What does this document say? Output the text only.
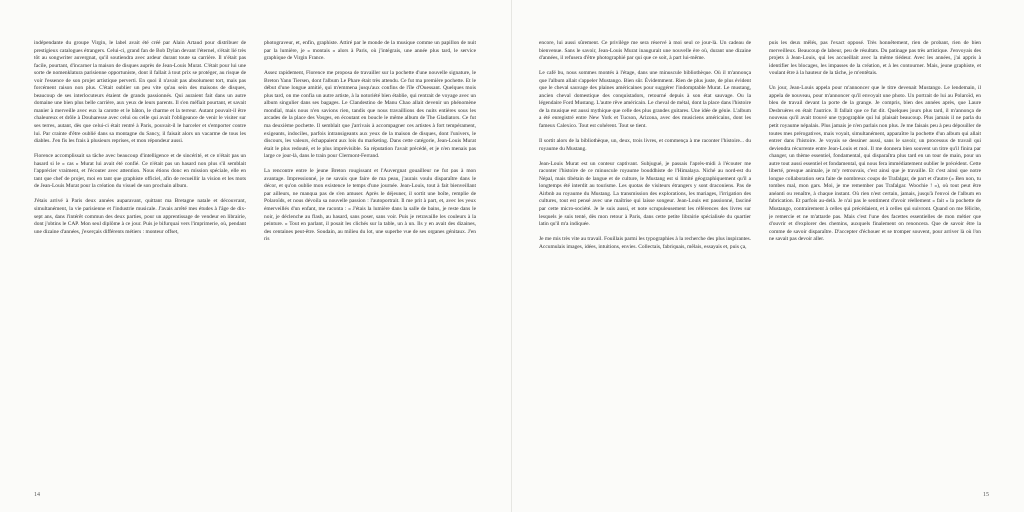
indépendante du groupe Virgin, le label avait été créé par Alain Artaud pour distribuer de prestigieux catalogues étrangers. Celui-ci, grand fan de Bob Dylan devant l'éternel, s'était lié très tôt au songwriter auvergnat, qu'il soutiendra avec ardeur durant toute sa carrière. Il n'était pas facile, pourtant, d'incarner la maison de disques auprès de Jean-Louis Murat. C'était pour lui une sorte de nomenklatura parisienne opportuniste, dont il fallait à tout prix se protéger, au risque de voir l'essence de son projet artistique perverti. En quoi il n'avait pas absolument tort, mais pas forcément raison non plus. C'était oublier un peu vite qu'au sein des maisons de disques, beaucoup de ses interlocuteurs étaient de grands passionnés. Qui auraient fait dans un autre domaine une bien plus belle carrière, aux yeux de leurs parents. Il s'en méfiait pourtant, et savait manier à merveille avec eux la carotte et le bâton, le charme et la terreur. Autant pouvait-il être chaleureux et drôle à Douharesse avec celui ou celle qui avait l'obligeance de venir le visiter sur ses terres, autant, dès que celui-ci était rentré à Paris, pouvait-il le harceler et s'emporter contre lui. Par crainte d'être oublié dans sa montagne du Sancy, il faisait alors un vacarme de tous les diables. J'en fis les frais à plusieurs reprises, et mon répondeur aussi.

Florence accomplissait sa tâche avec beaucoup d'intelligence et de sincérité, et ce n'était pas un hasard si le « cas » Murat lui avait été confié. Ce n'était pas un hasard non plus s'il semblait l'apprécier vraiment, et l'écouter avec attention. Nous étions donc en mission spéciale, elle en tant que chef de projet, moi en tant que graphiste officiel, afin de recueillir la vision et les mots de Jean-Louis Murat pour la création du visuel de son prochain album.

J'étais arrivé à Paris deux années auparavant, quittant ma Bretagne natale et découvrant, simultanément, la vie parisienne et l'industrie musicale. J'avais arrêté mes études à l'âge de dix-sept ans, dans l'intérêt commun des deux parties, pour un apprentissage de vendeur en librairie, dont j'obtins le CAP. Mon seul diplôme à ce jour. Puis je bifurquai vers l'imprimerie, où, pendant une dizaine d'années, j'exerçais différents métiers : monteur offset,

photograveur, et, enfin, graphiste. Attiré par le monde de la musique comme un papillon de nuit par la lumière, je « montais » alors à Paris, où j'intégrais, une année plus tard, le service graphique de Virgin France.

Assez rapidement, Florence me proposa de travailler sur la pochette d'une nouvelle signature, le Breton Yann Tiersen, dont l'album Le Phare était très attendu. Ce fut ma première pochette. Et le début d'une longue amitié, qui m'emmena jusqu'aux confins de l'île d'Ouessant. Quelques mois plus tard, on me confia un autre artiste, à la notoriété bien établie, qui rentrait de voyage avec un album singulier dans ses bagages. Le Clandestino de Manu Chao allait devenir un phénomène mondial, mais nous n'en savions rien, tandis que nous travaillions des nuits entières sous les arcades de la place des Vosges, en écoutant en boucle le même album de The Gladiators. Ce fut ma deuxième pochette. Il semblait que j'arrivais à accompagner ces artistes à fort tempérament, exigeants, indociles, parfois intransigeants aux yeux de la maison de disques, dont l'univers, le discours, les valeurs, échappaient aux lois du marketing. Dans cette catégorie, Jean-Louis Murat était le plus redouté, et le plus imprévisible. Sa réputation l'avait précédé, et je n'en menais pas large ce jour-là, dans le train pour Clermont-Ferrand.

La rencontre entre le jeune Breton rougissant et l'Auvergnat gouailleur ne fut pas à mon avantage. Impressionné, je ne savais que faire de ma peau, j'aurais voulu disparaître dans le décor, et qu'on oublie mon existence le temps d'une journée. Jean-Louis, tout à fait bienveillant par ailleurs, ne manqua pas de s'en amuser. Après le déjeuner, il sortit une boîte, remplie de Polaroïds, et nous dévoila sa nouvelle passion : l'autoportrait. Il me prit à part, et, avec les yeux émerveillés d'un enfant, me raconta : « J'étais la lumière dans la salle de bains, je reste dans le noir, je déclenche au flash, au hasard, sans poser, sans voir. Puis je retravaille les couleurs à la peinture. » Tout en parlant, il posait les clichés sur la table, un à un. Ils y en avait des dizaines, des centaines peut-être. Soudain, au milieu du lot, une superbe vue de ses organes génitaux. J'en ris

14

encore, lui aussi sûrement. Ce privilège me sera réservé à moi seul ce jour-là. Un cadeau de bienvenue. Sans le savoir, Jean-Louis Murat inaugurait une nouvelle ère où, durant une dizaine d'années, il refusera d'être photographié par qui que ce soit, à part lui-même.

Le café bu, nous sommes montés à l'étage, dans une minuscule bibliothèque. Où il m'annonça que l'album allait s'appeler Mustango. Bien sûr. Évidemment. Rien de plus juste, de plus évident que le cheval sauvage des plaines américaines pour suggérer l'indomptable Murat. Le mustang, ancien cheval domestique des conquistadors, retourné depuis à son état sauvage. Ou la légendaire Ford Mustang. L'autre rêve américain. Le cheval de métal, dont la place dans l'histoire de la musique est aussi mythique que celle des plus grandes guitares. Une idée de génie. L'album a été enregistré entre New York et Tucson, Arizona, avec des musiciens américains, dont les fameux Calexico. Tout est cohérent. Tout se tient.

Il sortit alors de la bibliothèque, un, deux, trois livres, et commença à me raconter l'histoire... du royaume du Mustang.

Jean-Louis Murat est un conteur captivant. Subjugué, je passais l'après-midi à l'écouter me raconter l'histoire de ce minuscule royaume bouddhiste de l'Himalaya. Niché au nord-est du Népal, mais tibétain de langue et de culture, le Mustang est si limité géographiquement qu'il a longtemps été interdit au tourisme. Les quotas de visiteurs étrangers y sont draconiens. Pas de Airbnb au royaume du Mustang. La transmission des explorations, les mariages, l'irrigation des cultures, tout est pensé avec une maîtrise qui laisse songeur. Jean-Louis est passionné, fasciné par cette micro-société. Je le suis aussi, et note scrupuleusement les références des livres sur lesquels je suis tenté, dès mon retour à Paris, dans cette petite librairie spécialisée du quartier latin qu'il m'a indiquée.

Je me mis très vite au travail. Fouillais parmi les typographies à la recherche des plus inspirantes. Accumulais images, idées, intuitions, envies. Collectais, fabriquais, mêlais, essayais et, puis ça,

puis les deux mêlés, pas l'exact opposé. Très honnêtement, rien de probant, rien de bien merveilleux. Beaucoup de labeur, peu de résultats. Du patinage pas très artistique. J'envoyais des projets à Jean-Louis, qui les accueillait avec la même tiédeur. Avec les années, j'ai appris à identifier les blocages, les impasses de la création, et à les contourner. Mais, jeune graphiste, et voulant être à la hauteur de la tâche, je m'entêtais.

Un jour, Jean-Louis appela pour m'annoncer que le titre devenait Mustango. Le lendemain, il appela de nouveau, pour m'annoncer qu'il envoyait une photo. Un portrait de lui au Polaroïd, en bleu de travail devant la porte de la grange. Je compris, bien des années après, que Laure Desbruères en était l'autrice. Il fallait que ce fut dit. Quelques jours plus tard, il m'annonça de nouveau qu'il avait trouvé une typographie qui lui plaisait beaucoup. Plus jamais il ne parla du petit royaume népalais. Plus jamais je n'en parlais non plus. Je me faisais peu à peu dépouiller de toutes mes prérogatives, mais voyait, simultanément, apparaître la pochette d'un album qui allait entrer dans l'histoire. Je voyais se dessiner aussi, sans le savoir, un processus de travail qui deviendra récurrente entre Jean-Louis et moi. Il me donnera bien souvent un titre qu'il finira par changer, un thème essentiel, fondamental, qui disparaîtra plus tard en un tour de main, pour un autre tout aussi essentiel et fondamental, qui nous fera immédiatement oublier le précédent. Cette liberté, presque animale, je m'y retrouvais, c'est ainsi que je travaille. Et c'est ainsi que notre longue collaboration sera faite de nombreux coups de Trafalgar, de part et d'autre (« Ben non, tu tombes mal, mon gars. Moi, je me remember pas Trafalgar. Woochie ! »), où tout peut être anéanti ou renaître, à chaque instant. Où rien n'est certain, jamais, jusqu'à l'envoi de l'album en fabrication. Et parfois au-delà. Je n'ai pas le sentiment d'avoir réellement « fait » la pochette de Mustango, contrairement à celles qui précédaient, et à celles qui suivront. Quand on me félicite, je remercie et ne m'attarde pas. Mais c'est l'une des facettes essentielles de mon métier que d'ouvrir et d'explorer des chemins, auxquels finalement on renoncera. Que de savoir être la comme de savoir disparaître. D'accepter d'échouer et se tromper souvent, pour arriver là où l'on ne savait pas devoir aller.

15
